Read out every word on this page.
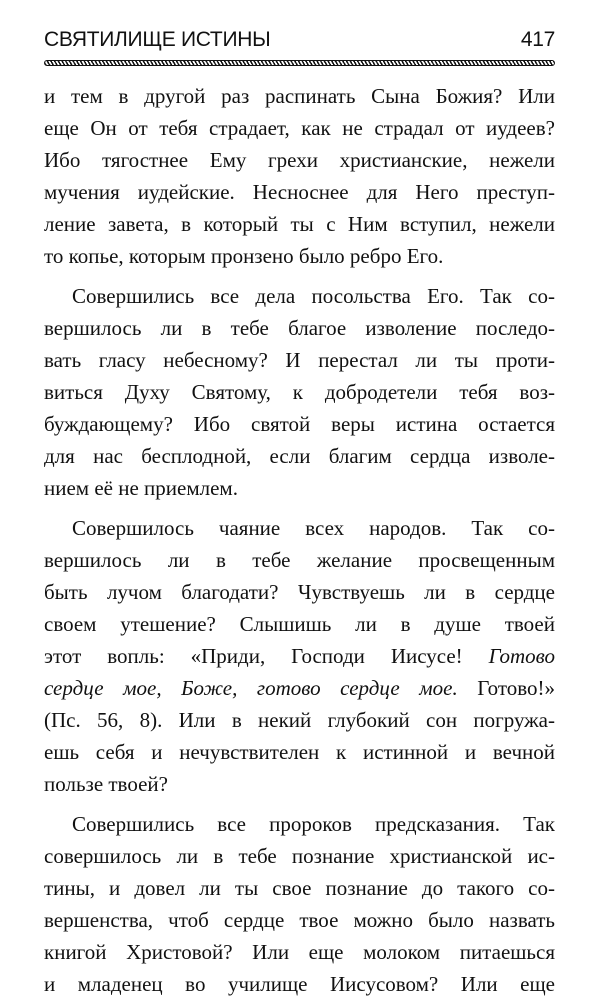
СВЯТИЛИЩЕ ИСТИНЫ	417
и тем в другой раз распинать Сына Божия? Или
еще Он от тебя страдает, как не страдал от иудеев?
Ибо тягостнее Ему грехи христианские, нежели
мучения иудейские. Несноснее для Него преступ-
ление завета, в который ты с Ним вступил, нежели
то копье, которым пронзено было ребро Его.
Совершились все дела посольства Его. Так со-
вершилось ли в тебе благое изволение последо-
вать гласу небесному? И перестал ли ты проти-
виться Духу Святому, к добродетели тебя воз-
буждающему? Ибо святой веры истина остается
для нас бесплодной, если благим сердца изволе-
нием её не приемлем.
Совершилось чаяние всех народов. Так со-
вершилось ли в тебе желание просвещенным
быть лучом благодати? Чувствуешь ли в сердце
своем утешение? Слышишь ли в душе твоей
этот вопль: «Приди, Господи Иисусе! Готово
сердце мое, Боже, готово сердце мое. Готово!»
(Пс. 56, 8). Или в некий глубокий сон погружа-
ешь себя и нечувствителен к истинной и вечной
пользе твоей?
Совершились все пророков предсказания. Так
совершилось ли в тебе познание христианской ис-
тины, и довел ли ты свое познание до такого со-
вершенства, чтоб сердце твое можно было назвать
книгой Христовой? Или еще молоком питаешься
и младенец во училище Иисусовом? Или еще
